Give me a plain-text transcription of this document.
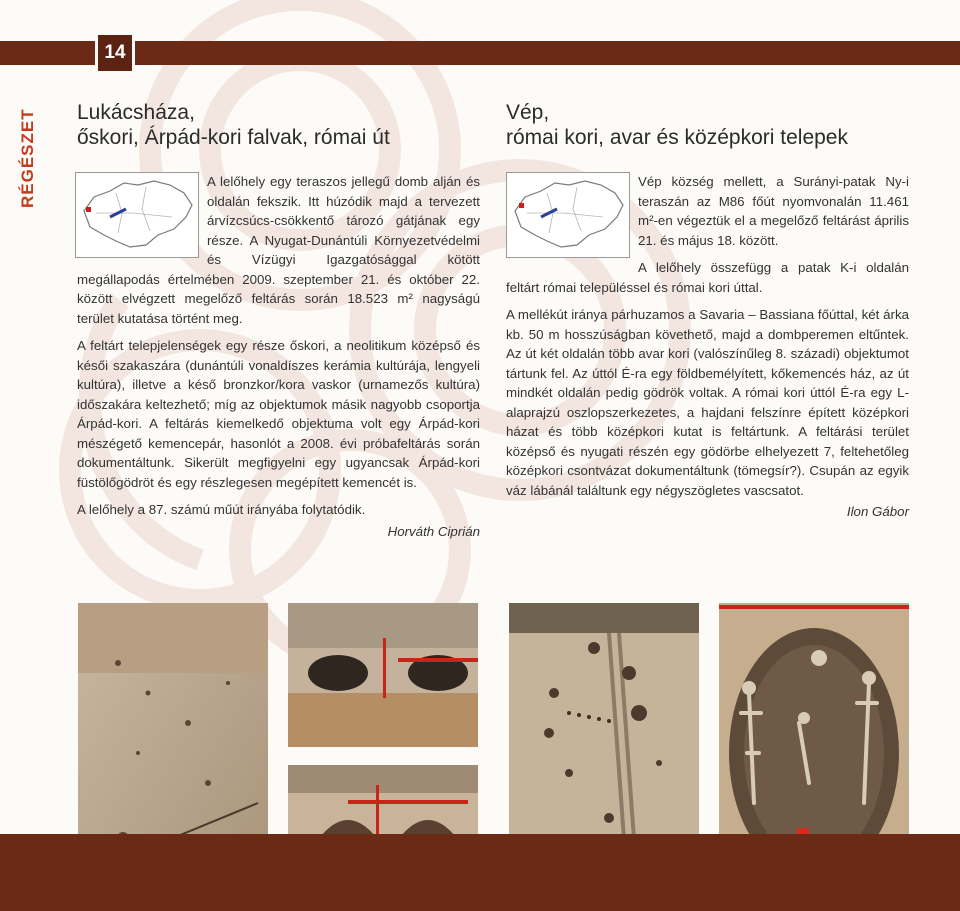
14
RÉGÉSZET	Lukácsháza,
őskori, Árpád-kori falvak, római út

A lelőhely egy teraszos jellegű domb alján és oldalán fekszik. Itt húzódik majd a tervezett árvízcsúcs-csökkentő tározó gátjának egy része. A Nyugat-Dunántúli Környezetvédelmi és Vízügyi Igazgatósággal kötött megállapodás értelmében 2009. szeptember 21. és október 22. között elvégzett megelőző feltárás során 18.523 m² nagyságú terület kutatása történt meg.

A feltárt telepjelenségek egy része őskori, a neolitikum középső és késői szakaszára (dunántúli vonaldíszes kerámia kultúrája, lengyeli kultúra), illetve a késő bronzkor/kora vaskor (urnamezős kultúra) időszakára keltezhető; míg az objektumok másik nagyobb csoportja Árpád-kori. A feltárás kiemelkedő objektuma volt egy Árpád-kori mészégető kemencepár, hasonlót a 2008. évi próbafeltárás során dokumentáltunk. Sikerült megfigyelni egy ugyancsak Árpád-kori füstölőgödröt és egy részlegesen megépített kemencét is.

A lelőhely a 87. számú műút irányába folytatódik.

Horváth Ciprián
Vép,
római kori, avar és középkori telepek

Vép község mellett, a Surányi-patak Ny-i teraszán az M86 főút nyomvonalán 11.461 m²-en végeztük el a megelőző feltárást április 21. és május 18. között.

A lelőhely összefügg a patak K-i oldalán feltárt római településsel és római kori úttal.

A mellékút iránya párhuzamos a Savaria – Bassiana főúttal, két árka kb. 50 m hosszúságban követhető, majd a dombperemen eltűntek. Az út két oldalán több avar kori (valószínűleg 8. századi) objektumot tártunk fel. Az úttól É-ra egy földbemélyített, kőkemencés ház, az út mindkét oldalán pedig gödrök voltak. A római kori úttól É-ra egy L-alaprajzú oszlopszerkezetes, a hajdani felszínre épített középkori házat és több középkori kutat is feltártunk. A feltárási terület középső és nyugati részén egy gödörbe elhelyezett 7, feltehetőleg középkori csontvázat dokumentáltunk (tömegsír?). Csupán az egyik váz lábánál találtunk egy négyszögletes vascsatot.

Ilon Gábor
